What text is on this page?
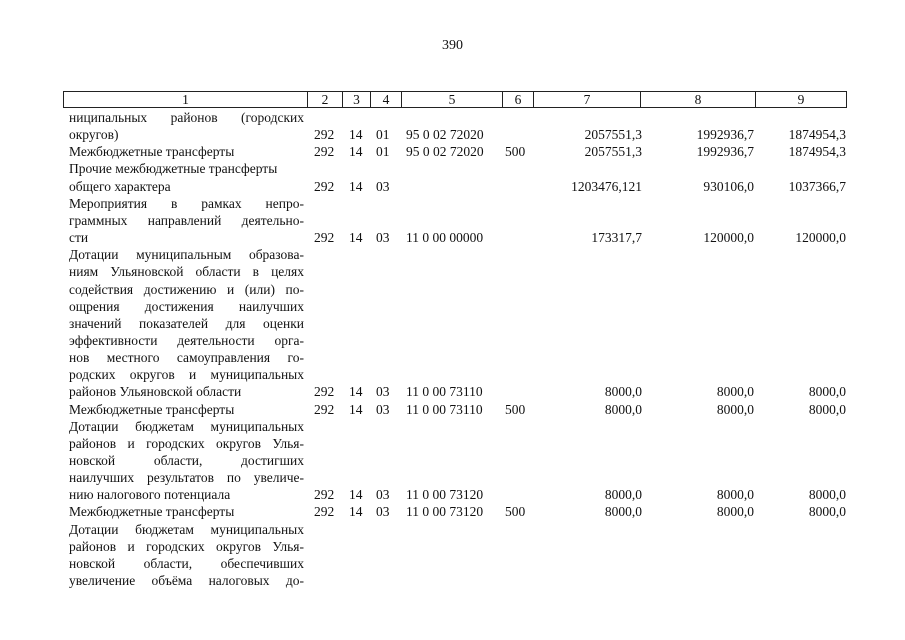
390
1	2	3	4	5	6	7	8	9
ниципальных районов (городских
округов)	292 14 01 95 0 02 72020	2057551,3	1992936,7	1874954,3
Межбюджетные трансферты	292 14 01 95 0 02 72020 500	2057551,3	1992936,7	1874954,3
Прочие межбюджетные трансферты
общего характера	292 14 03	1203476,121	930106,0	1037366,7
Мероприятия в рамках непро-
граммных направлений деятельно-
сти	292 14 03 11 0 00 00000	173317,7	120000,0	120000,0
Дотации муниципальным образова-
ниям Ульяновской области в целях
содействия достижению и (или) по-
ощрения достижения наилучших
значений показателей для оценки
эффективности деятельности орга-
нов местного самоуправления го-
родских округов и муниципальных
районов Ульяновской области	292 14 03 11 0 00 73110	8000,0	8000,0	8000,0
Межбюджетные трансферты	292 14 03 11 0 00 73110 500	8000,0	8000,0	8000,0
Дотации бюджетам муниципальных
районов и городских округов Улья-
новской области, достигших
наилучших результатов по увеличе-
нию налогового потенциала	292 14 03 11 0 00 73120	8000,0	8000,0	8000,0
Межбюджетные трансферты	292 14 03 11 0 00 73120 500	8000,0	8000,0	8000,0
Дотации бюджетам муниципальных
районов и городских округов Улья-
новской области, обеспечивших
увеличение объёма налоговых до-
